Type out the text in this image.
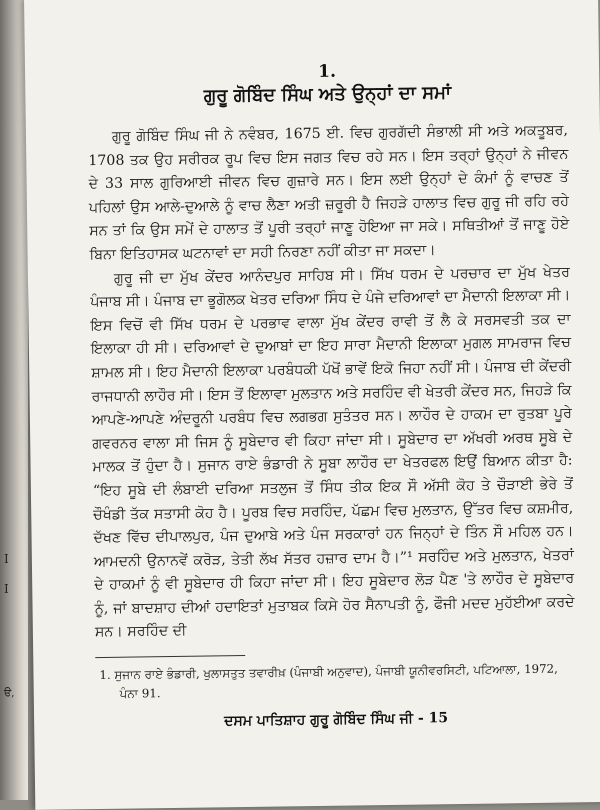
I
I
ੳ,
1.
ਗੁਰੂ ਗੋਬਿੰਦ ਸਿੰਘ ਅਤੇ ਉਨ੍ਹਾਂ ਦਾ ਸਮਾਂ

ਗੁਰੂ ਗੋਬਿੰਦ ਸਿੰਘ ਜੀ ਨੇ ਨਵੰਬਰ, 1675 ਈ. ਵਿਚ ਗੁਰਗੱਦੀ ਸੰਭਾਲੀ ਸੀ ਅਤੇ ਅਕਤੂਬਰ, 1708 ਤਕ ਉਹ ਸਰੀਰਕ ਰੂਪ ਵਿਚ ਇਸ ਜਗਤ ਵਿਚ ਰਹੇ ਸਨ। ਇਸ ਤਰ੍ਹਾਂ ਉਨ੍ਹਾਂ ਨੇ ਜੀਵਨ ਦੇ 33 ਸਾਲ ਗੁਰਿਆਈ ਜੀਵਨ ਵਿਚ ਗੁਜ਼ਾਰੇ ਸਨ। ਇਸ ਲਈ ਉਨ੍ਹਾਂ ਦੇ ਕੰਮਾਂ ਨੂੰ ਵਾਚਣ ਤੋਂ ਪਹਿਲਾਂ ਉਸ ਆਲੇ-ਦੁਆਲੇ ਨੂੰ ਵਾਚ ਲੈਣਾ ਅਤੀ ਜ਼ਰੂਰੀ ਹੈ ਜਿਹੜੇ ਹਾਲਾਤ ਵਿਚ ਗੁਰੂ ਜੀ ਰਹਿ ਰਹੇ ਸਨ ਤਾਂ ਕਿ ਉਸ ਸਮੇਂ ਦੇ ਹਾਲਾਤ ਤੋਂ ਪੂਰੀ ਤਰ੍ਹਾਂ ਜਾਣੂ ਹੋਇਆ ਜਾ ਸਕੇ। ਸਥਿਤੀਆਂ ਤੋਂ ਜਾਣੂ ਹੋਏ ਬਿਨਾ ਇਤਿਹਾਸਕ ਘਟਨਾਵਾਂ ਦਾ ਸਹੀ ਨਿਰਣਾ ਨਹੀਂ ਕੀਤਾ ਜਾ ਸਕਦਾ।

ਗੁਰੂ ਜੀ ਦਾ ਮੁੱਖ ਕੇਂਦਰ ਆਨੰਦਪੁਰ ਸਾਹਿਬ ਸੀ। ਸਿੱਖ ਧਰਮ ਦੇ ਪਰਚਾਰ ਦਾ ਮੁੱਖ ਖੇਤਰ ਪੰਜਾਬ ਸੀ। ਪੰਜਾਬ ਦਾ ਭੂਗੋਲਕ ਖੇਤਰ ਦਰਿਆ ਸਿੰਧ ਦੇ ਪੰਜੇ ਦਰਿਆਵਾਂ ਦਾ ਮੈਦਾਨੀ ਇਲਾਕਾ ਸੀ। ਇਸ ਵਿਚੋਂ ਵੀ ਸਿੱਖ ਧਰਮ ਦੇ ਪਰਭਾਵ ਵਾਲਾ ਮੁੱਖ ਕੇਂਦਰ ਰਾਵੀ ਤੋਂ ਲੈ ਕੇ ਸਰਸਵਤੀ ਤਕ ਦਾ ਇਲਾਕਾ ਹੀ ਸੀ। ਦਰਿਆਵਾਂ ਦੇ ਦੁਆਬਾਂ ਦਾ ਇਹ ਸਾਰਾ ਮੈਦਾਨੀ ਇਲਾਕਾ ਮੁਗਲ ਸਾਮਰਾਜ ਵਿਚ ਸ਼ਾਮਲ ਸੀ। ਇਹ ਮੈਦਾਨੀ ਇਲਾਕਾ ਪਰਬੰਧਕੀ ਪੱਖੋਂ ਭਾਵੇਂ ਇਕੋ ਜਿਹਾ ਨਹੀਂ ਸੀ। ਪੰਜਾਬ ਦੀ ਕੇਂਦਰੀ ਰਾਜਧਾਨੀ ਲਾਹੌਰ ਸੀ। ਇਸ ਤੋਂ ਇਲਾਵਾ ਮੁਲਤਾਨ ਅਤੇ ਸਰਹਿੰਦ ਵੀ ਖੇਤਰੀ ਕੇਂਦਰ ਸਨ, ਜਿਹੜੇ ਕਿ ਆਪਣੇ-ਆਪਣੇ ਅੰਦਰੂਨੀ ਪਰਬੰਧ ਵਿਚ ਲਗਭਗ ਸੁਤੰਤਰ ਸਨ। ਲਾਹੌਰ ਦੇ ਹਾਕਮ ਦਾ ਰੁਤਬਾ ਪੂਰੇ ਗਵਰਨਰ ਵਾਲਾ ਸੀ ਜਿਸ ਨੂੰ ਸੂਬੇਦਾਰ ਵੀ ਕਿਹਾ ਜਾਂਦਾ ਸੀ। ਸੂਬੇਦਾਰ ਦਾ ਅੱਖਰੀ ਅਰਥ ਸੂਬੇ ਦੇ ਮਾਲਕ ਤੋਂ ਹੁੰਦਾ ਹੈ। ਸੁਜਾਨ ਰਾਏ ਭੰਡਾਰੀ ਨੇ ਸੂਬਾ ਲਾਹੌਰ ਦਾ ਖੇਤਰਫਲ ਇਉਂ ਬਿਆਨ ਕੀਤਾ ਹੈ: “ਇਹ ਸੂਬੇ ਦੀ ਲੰਬਾਈ ਦਰਿਆ ਸਤਲੁਜ ਤੋਂ ਸਿੰਧ ਤੀਕ ਇਕ ਸੌ ਅੱਸੀ ਕੋਹ ਤੇ ਚੌੜਾਈ ਭੇਰੇ ਤੋਂ ਚੌਖੰਡੀ ਤੱਕ ਸਤਾਸੀ ਕੋਹ ਹੈ। ਪੂਰਬ ਵਿਚ ਸਰਹਿੰਦ, ਪੱਛਮ ਵਿਚ ਮੁਲਤਾਨ, ਉੱਤਰ ਵਿਚ ਕਸ਼ਮੀਰ, ਦੱਖਣ ਵਿੱਚ ਦੀਪਾਲਪੁਰ, ਪੰਜ ਦੁਆਬੇ ਅਤੇ ਪੰਜ ਸਰਕਾਰਾਂ ਹਨ ਜਿਨ੍ਹਾਂ ਦੇ ਤਿੰਨ ਸੌ ਮਹਿਲ ਹਨ। ਆਮਦਨੀ ਉਨਾਨਵੇਂ ਕਰੋੜ, ਤੇਤੀ ਲੱਖ ਸੱਤਰ ਹਜ਼ਾਰ ਦਾਮ ਹੈ।”¹ ਸਰਹਿੰਦ ਅਤੇ ਮੁਲਤਾਨ, ਖੇਤਰਾਂ ਦੇ ਹਾਕਮਾਂ ਨੂੰ ਵੀ ਸੂਬੇਦਾਰ ਹੀ ਕਿਹਾ ਜਾਂਦਾ ਸੀ। ਇਹ ਸੂਬੇਦਾਰ ਲੋੜ ਪੈਣ 'ਤੇ ਲਾਹੌਰ ਦੇ ਸੂਬੇਦਾਰ ਨੂੰ, ਜਾਂ ਬਾਦਸ਼ਾਹ ਦੀਆਂ ਹਦਾਇਤਾਂ ਮੁਤਾਬਕ ਕਿਸੇ ਹੋਰ ਸੈਨਾਪਤੀ ਨੂੰ, ਫੌਜੀ ਮਦਦ ਮੁਹੱਈਆ ਕਰਦੇ ਸਨ। ਸਰਹਿੰਦ ਦੀ

1. ਸੁਜਾਨ ਰਾਏ ਭੰਡਾਰੀ, ਖੁਲਾਸਤੁਤ ਤਵਾਰੀਖ਼ (ਪੰਜਾਬੀ ਅਨੁਵਾਦ), ਪੰਜਾਬੀ ਯੂਨੀਵਰਸਿਟੀ, ਪਟਿਆਲਾ, 1972, ਪੰਨਾ 91.
ਦਸਮ ਪਾਤਿਸ਼ਾਹ ਗੁਰੂ ਗੋਬਿੰਦ ਸਿੰਘ ਜੀ - 15
